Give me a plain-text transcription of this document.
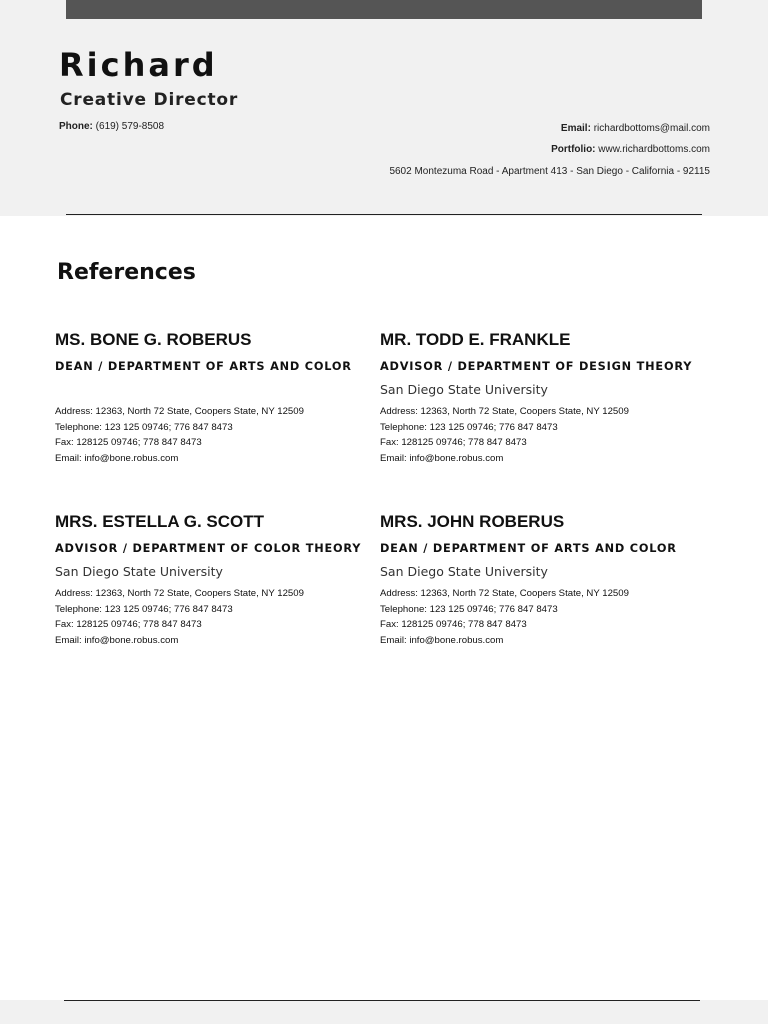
Richard
Creative Director
Phone: (619) 579-8508	Email: richardbottoms@mail.com
Portfolio: www.richardbottoms.com
5602 Montezuma Road - Apartment 413 - San Diego - California - 92115
References
MS. BONE G. ROBERUS
DEAN / DEPARTMENT OF ARTS AND COLOR
Address: 12363, North 72 State, Coopers State, NY 12509
Telephone: 123 125 09746; 776 847 8473
Fax: 128125 09746; 778 847 8473
Email: info@bone.robus.com
MR. TODD E. FRANKLE
ADVISOR / DEPARTMENT OF DESIGN THEORY
San Diego State University
Address: 12363, North 72 State, Coopers State, NY 12509
Telephone: 123 125 09746; 776 847 8473
Fax: 128125 09746; 778 847 8473
Email: info@bone.robus.com
MRS. ESTELLA G. SCOTT
ADVISOR / DEPARTMENT OF COLOR THEORY
San Diego State University
Address: 12363, North 72 State, Coopers State, NY 12509
Telephone: 123 125 09746; 776 847 8473
Fax: 128125 09746; 778 847 8473
Email: info@bone.robus.com
MRS. JOHN ROBERUS
DEAN / DEPARTMENT OF ARTS AND COLOR
San Diego State University
Address: 12363, North 72 State, Coopers State, NY 12509
Telephone: 123 125 09746; 776 847 8473
Fax: 128125 09746; 778 847 8473
Email: info@bone.robus.com
